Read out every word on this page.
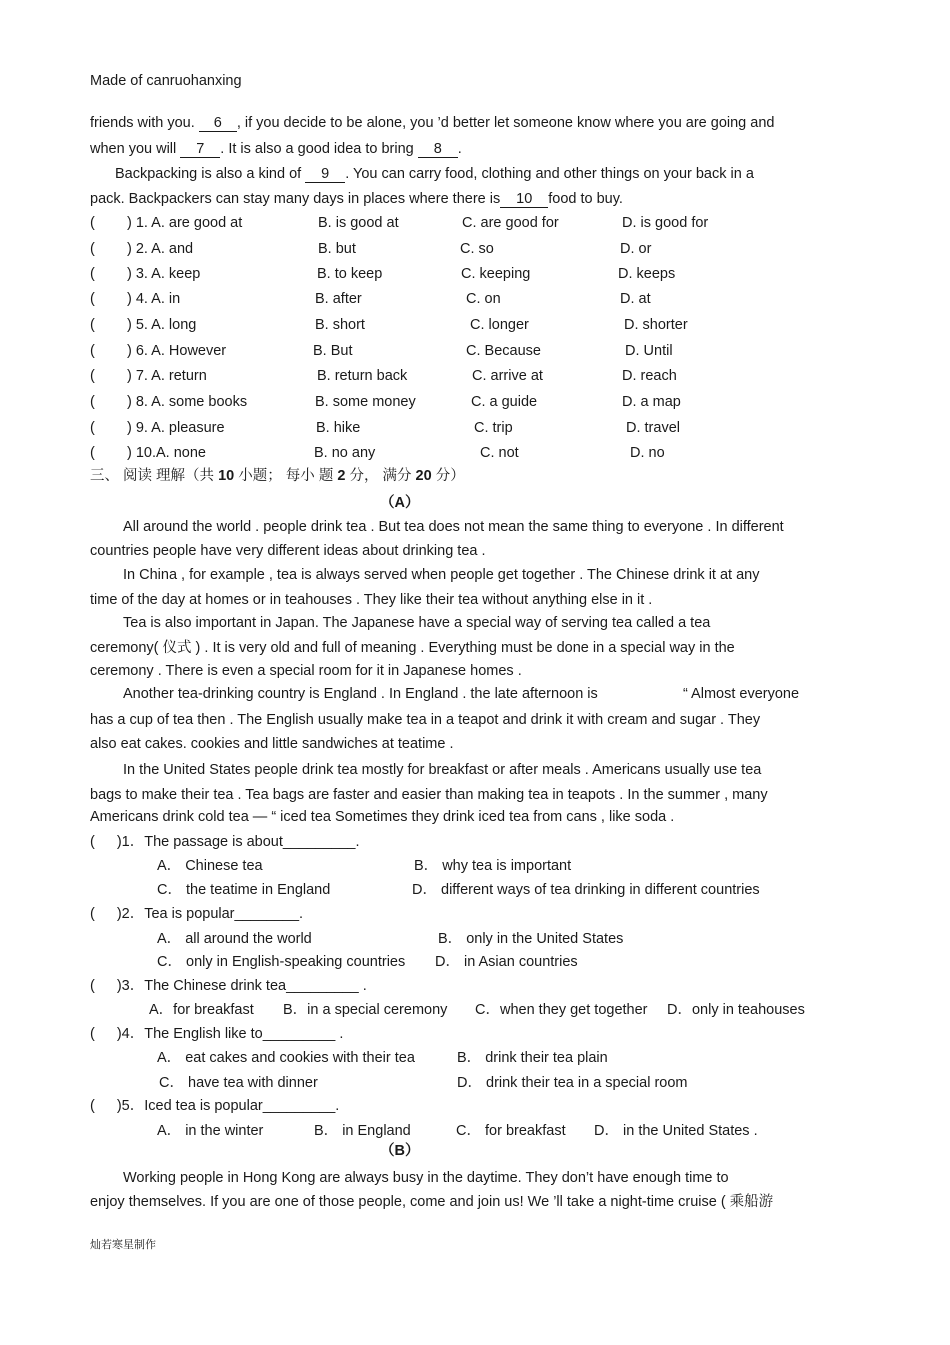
Made of canruohanxing
friends with you. 6 , if you decide to be alone, you ’d better let someone know where you are going and
when you will 7 . It is also a good idea to bring 8 .
Backpacking is also a kind of 9 . You can carry food, clothing and other things on your back in a
pack. Backpackers can stay many days in places where there is 10 food to buy.
( ) 1. A. are good at	B. is good at	C. are good for	D. is good for
( ) 2. A. and	B. but	C. so	D. or
( ) 3. A. keep	B. to keep	C. keeping	D. keeps
( ) 4. A. in	B. after	C. on	D. at
( ) 5. A. long	B. short	C. longer	D. shorter
( ) 6. A. However	B. But	C. Because	D. Until
( ) 7. A. return	B. return back	C. arrive at	D. reach
( ) 8. A. some books	B. some money	C. a guide	D. a map
( ) 9. A. pleasure	B. hike	C. trip	D. travel
( ) 10.A. none	B. no any	C. not	D. no
三、 阅读 理解（共 10 小题； 每小 题 2 分， 满分 20 分）
（A）
All around the world . people drink tea . But tea does not mean the same thing to everyone . In different
countries people have very different ideas about drinking tea .
In China , for example , tea is always served when people get together . The Chinese drink it at any
time of the day at homes or in teahouses . They like their tea without anything else in it .
Tea is also important in Japan. The Japanese have a special way of serving tea called a tea
ceremony( 仪式 ) . It is very old and full of meaning . Everything must be done in a special way in the
ceremony . There is even a special room for it in Japanese homes .
Another tea-drinking country is England . In England . the late afternoon is	“ Almost everyone
has a cup of tea then . The English usually make tea in a teapot and drink it with cream and sugar . They
also eat cakes. cookies and little sandwiches at teatime .
In the United States people drink tea mostly for breakfast or after meals . Americans usually use tea
bags to make their tea . Tea bags are faster and easier than making tea in teapots . In the summer , many
Americans drink cold tea — “ iced tea Sometimes they drink iced tea from cans , like soda .
( )1．The passage is about_________.
A． Chinese tea	B． why tea is important
C． the teatime in England	D． different ways of tea drinking in different countries
( )2．Tea is popular________.
A． all around the world	B． only in the United States
C． only in English-speaking countries D． in Asian countries
( )3．The Chinese drink tea_________ .
A．for breakfast B．in a special ceremony C．when they get together D．only in teahouses
( )4．The English like to_________ .
A． eat cakes and cookies with their tea	B． drink their tea plain
C． have tea with dinner	D． drink their tea in a special room
( )5．Iced tea is popular_________.
A． in the winter	B． in England	C． for breakfast D． in the United States .
（B）
Working people in Hong Kong are always busy in the daytime. They don’t have enough time to
enjoy themselves. If you are one of those people, come and join us! We ’ll take a night-time cruise ( 乘船游
灿若寒星制作
